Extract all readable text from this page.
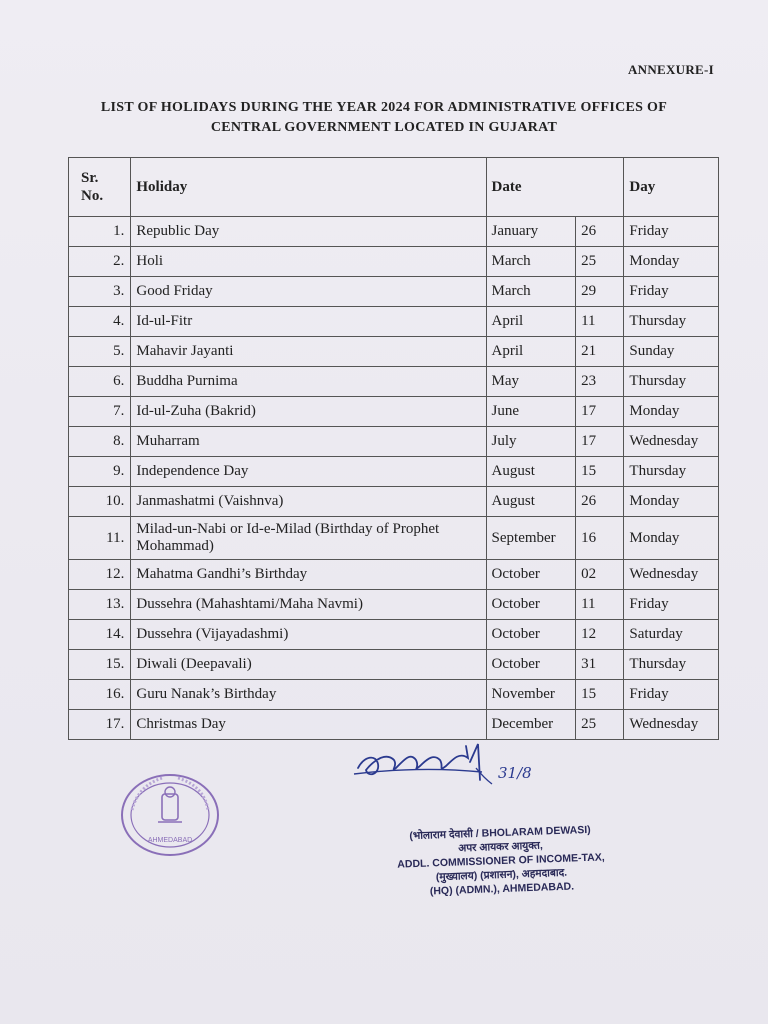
ANNEXURE-I
LIST OF HOLIDAYS DURING THE YEAR 2024 FOR ADMINISTRATIVE OFFICES OF
CENTRAL GOVERNMENT LOCATED IN GUJARAT
Sr.
No.	Holiday	Date		Day
1.	Republic Day	January	26	Friday
2.	Holi	March	25	Monday
3.	Good Friday	March	29	Friday
4.	Id-ul-Fitr	April	11	Thursday
5.	Mahavir Jayanti	April	21	Sunday
6.	Buddha Purnima	May	23	Thursday
7.	Id-ul-Zuha (Bakrid)	June	17	Monday
8.	Muharram	July	17	Wednesday
9.	Independence Day	August	15	Thursday
10.	Janmashatmi (Vaishnva)	August	26	Monday
11.	Milad-un-Nabi or Id-e-Milad (Birthday of Prophet Mohammad)	September	16	Monday
12.	Mahatma Gandhi’s Birthday	October	02	Wednesday
13.	Dussehra (Mahashtami/Maha Navmi)	October	11	Friday
14.	Dussehra (Vijayadashmi)	October	12	Saturday
15.	Diwali (Deepavali)	October	31	Thursday
16.	Guru Nanak’s Birthday	November	15	Friday
17.	Christmas Day	December	25	Wednesday
AHMEDABAD
31/8
(भोलाराम देवासी / BHOLARAM DEWASI)
अपर आयकर आयुक्त,
ADDL. COMMISSIONER OF INCOME-TAX,
(मुख्यालय) (प्रशासन), अहमदाबाद.
(HQ) (ADMN.), AHMEDABAD.
